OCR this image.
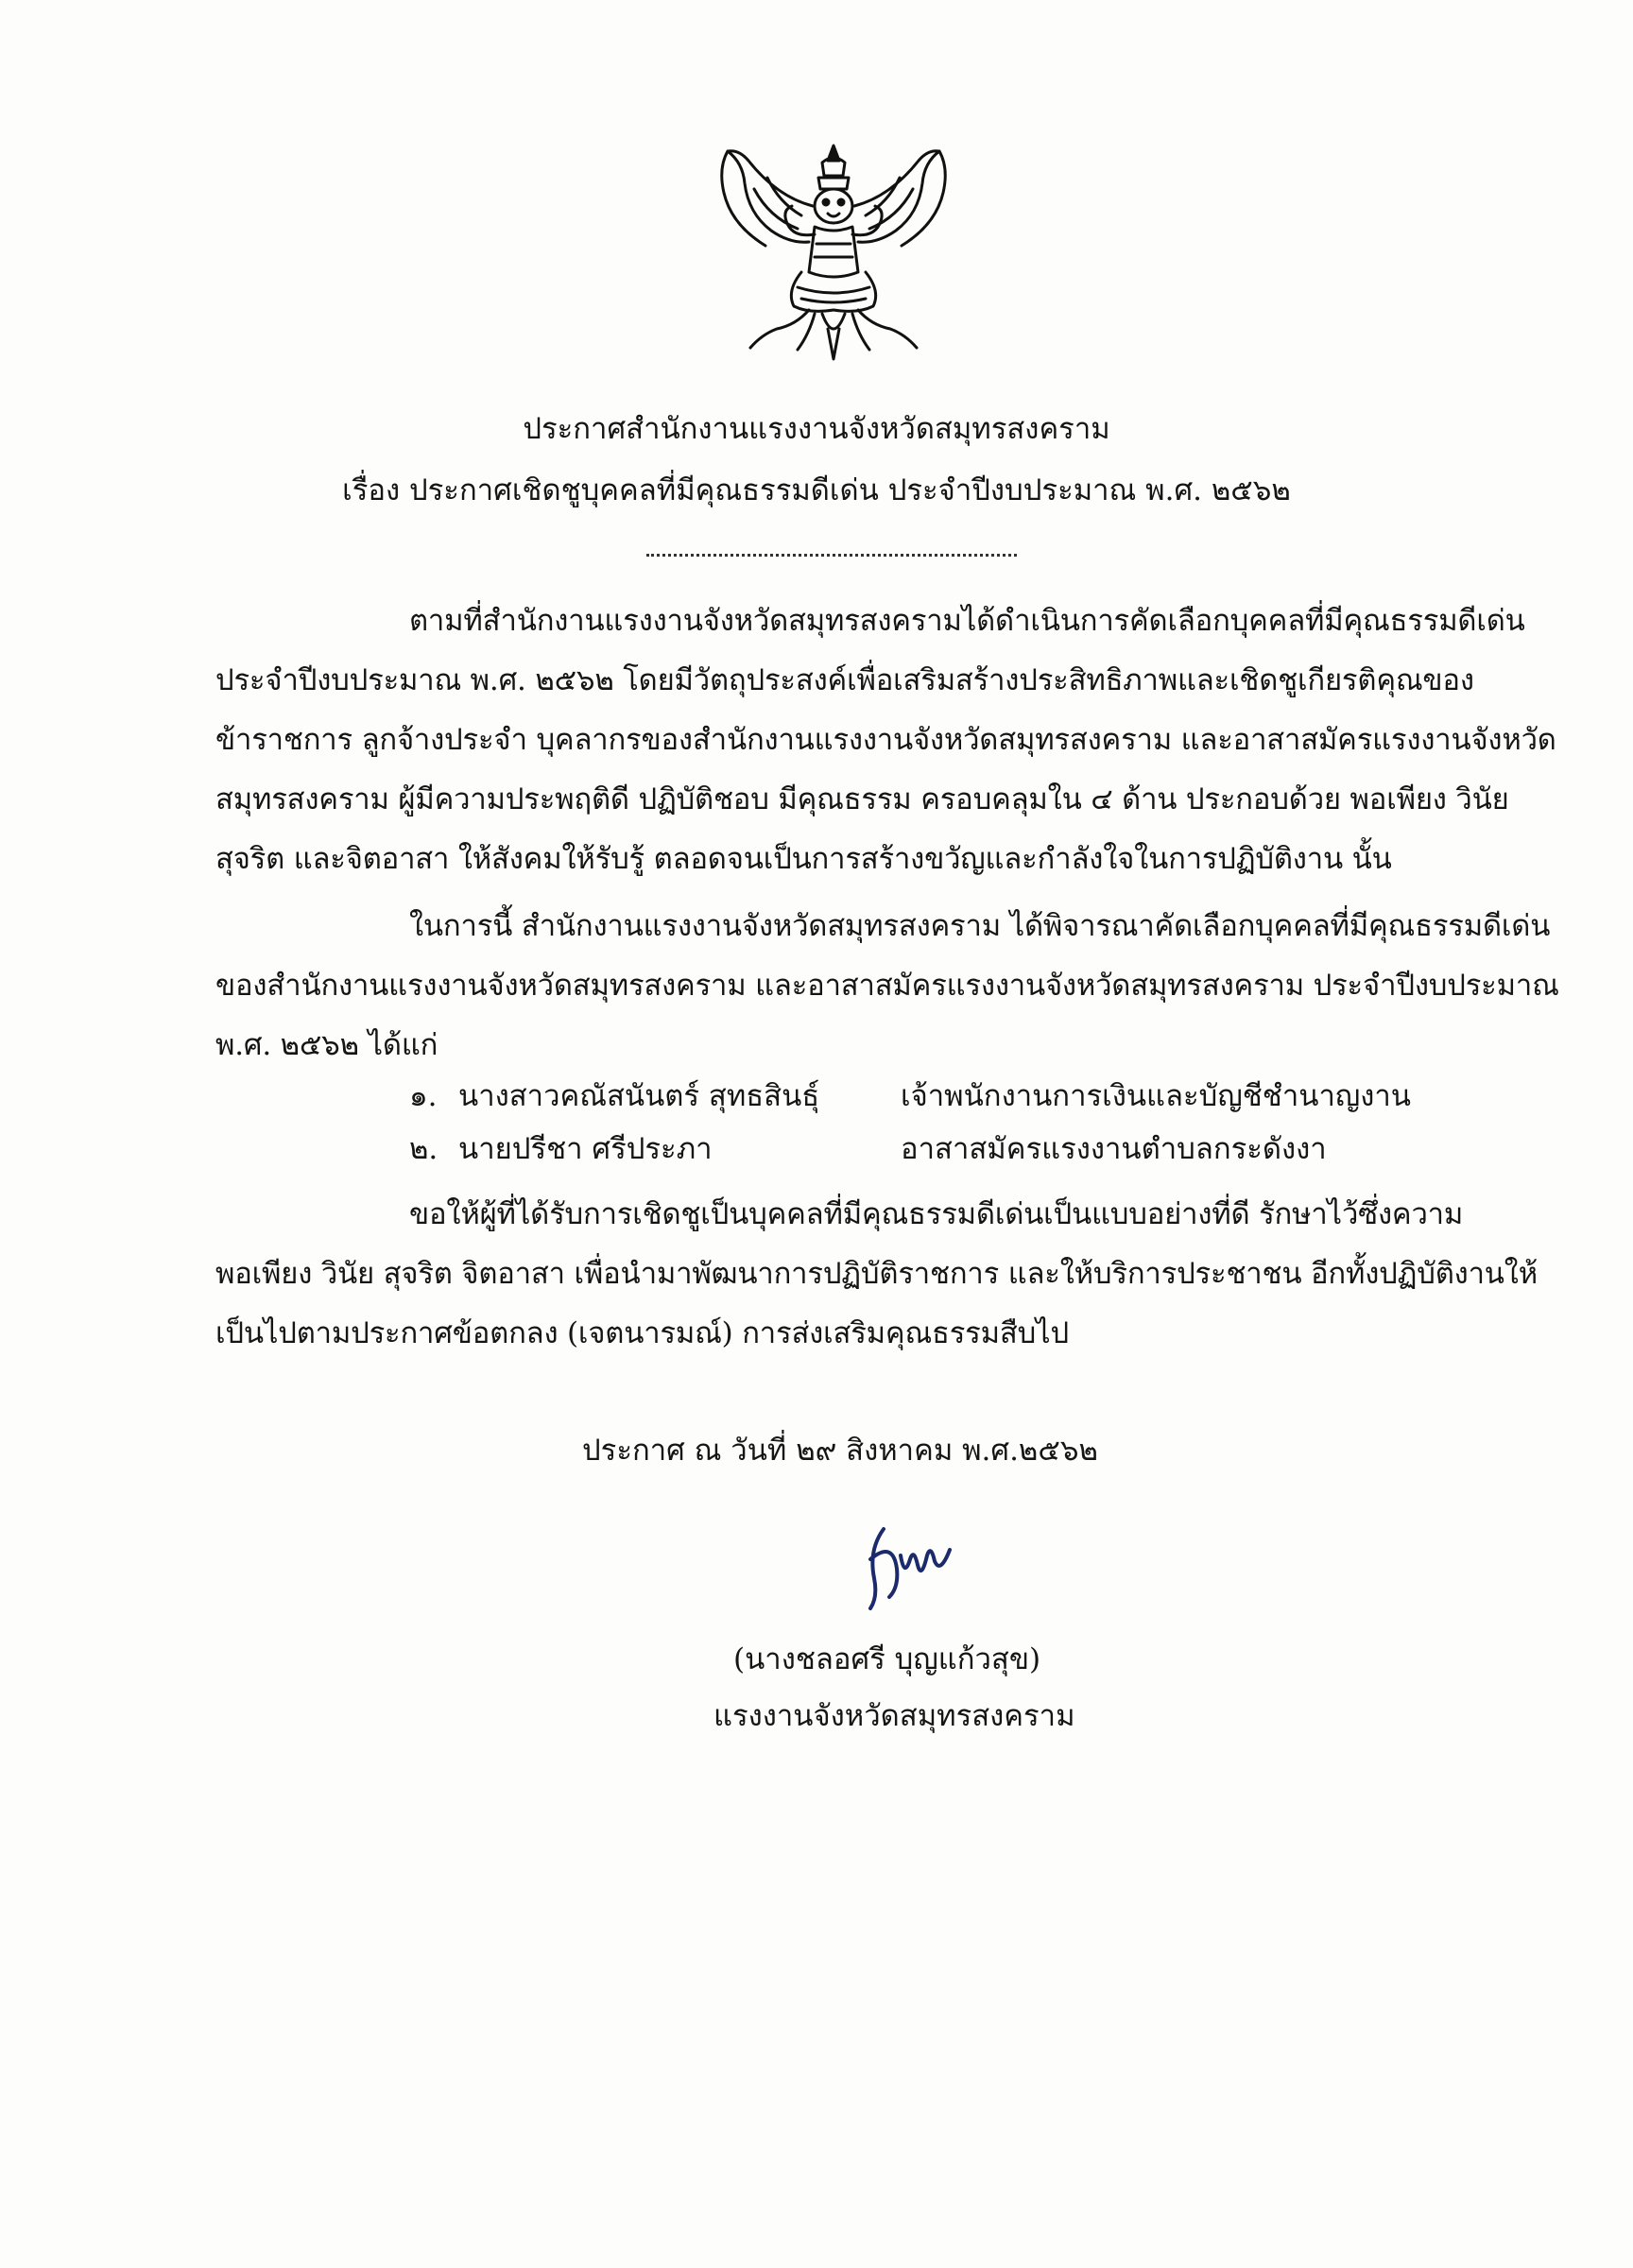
ประกาศสำนักงานแรงงานจังหวัดสมุทรสงคราม
เรื่อง ประกาศเชิดชูบุคคลที่มีคุณธรรมดีเด่น ประจำปีงบประมาณ พ.ศ. ๒๕๖๒
ตามที่สำนักงานแรงงานจังหวัดสมุทรสงครามได้ดำเนินการคัดเลือกบุคคลที่มีคุณธรรมดีเด่น
ประจำปีงบประมาณ พ.ศ. ๒๕๖๒ โดยมีวัตถุประสงค์เพื่อเสริมสร้างประสิทธิภาพและเชิดชูเกียรติคุณของ
ข้าราชการ ลูกจ้างประจำ บุคลากรของสำนักงานแรงงานจังหวัดสมุทรสงคราม และอาสาสมัครแรงงานจังหวัด
สมุทรสงคราม ผู้มีความประพฤติดี ปฏิบัติชอบ มีคุณธรรม ครอบคลุมใน ๔ ด้าน ประกอบด้วย พอเพียง วินัย
สุจริต และจิตอาสา ให้สังคมให้รับรู้ ตลอดจนเป็นการสร้างขวัญและกำลังใจในการปฏิบัติงาน นั้น
ในการนี้ สำนักงานแรงงานจังหวัดสมุทรสงคราม ได้พิจารณาคัดเลือกบุคคลที่มีคุณธรรมดีเด่น
ของสำนักงานแรงงานจังหวัดสมุทรสงคราม และอาสาสมัครแรงงานจังหวัดสมุทรสงคราม ประจำปีงบประมาณ
พ.ศ. ๒๕๖๒ ได้แก่
๑. นางสาวคณัสนันตร์ สุทธสินธุ์	เจ้าพนักงานการเงินและบัญชีชำนาญงาน
๒. นายปรีชา ศรีประภา	อาสาสมัครแรงงานตำบลกระดังงา
ขอให้ผู้ที่ได้รับการเชิดชูเป็นบุคคลที่มีคุณธรรมดีเด่นเป็นแบบอย่างที่ดี รักษาไว้ซึ่งความ
พอเพียง วินัย สุจริต จิตอาสา เพื่อนำมาพัฒนาการปฏิบัติราชการ และให้บริการประชาชน อีกทั้งปฏิบัติงานให้
เป็นไปตามประกาศข้อตกลง (เจตนารมณ์) การส่งเสริมคุณธรรมสืบไป
ประกาศ ณ วันที่ ๒๙ สิงหาคม พ.ศ.๒๕๖๒
(นางชลอศรี บุญแก้วสุข)
แรงงานจังหวัดสมุทรสงคราม
